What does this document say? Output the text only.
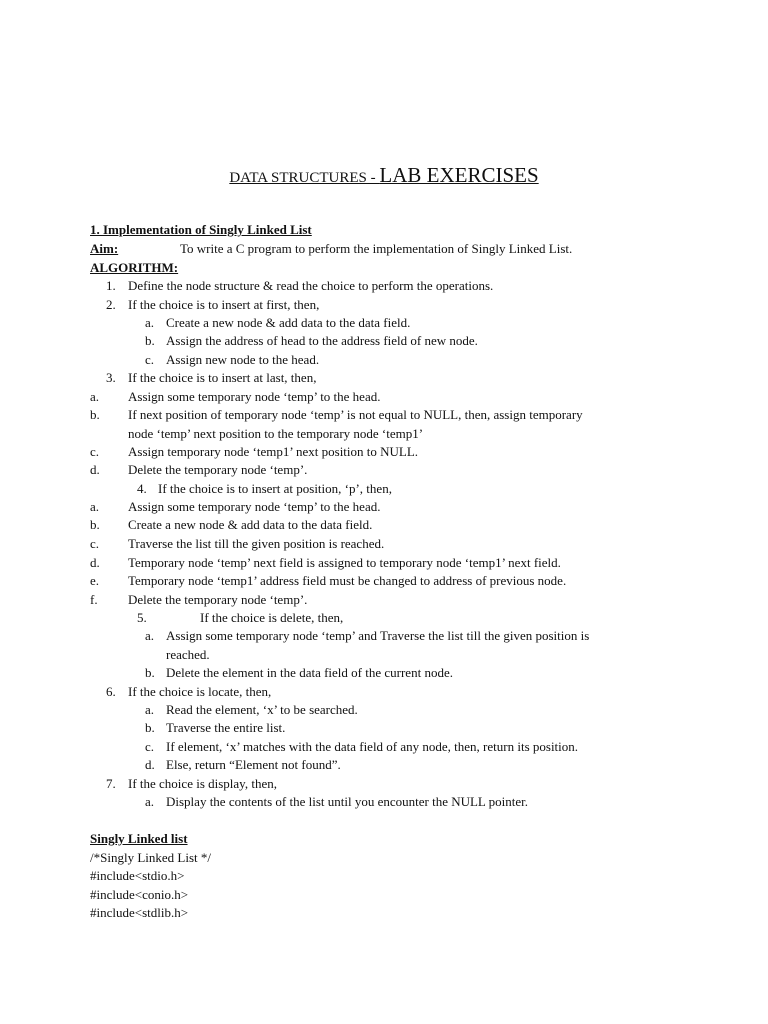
DATA STRUCTURES - LAB EXERCISES
1. Implementation of Singly Linked List
Aim:	To write a C program to perform the implementation of Singly Linked List.
ALGORITHM:
1. Define the node structure & read the choice to perform the operations.
2. If the choice is to insert at first, then,
a. Create a new node & add data to the data field.
b. Assign the address of head to the address field of new node.
c. Assign new node to the head.
3. If the choice is to insert at last, then,
a. Assign some temporary node ‘temp’ to the head.
b. If next position of temporary node ‘temp’ is not equal to NULL, then, assign temporary
node ‘temp’ next position to the temporary node ‘temp1’
c. Assign temporary node ‘temp1’ next position to NULL.
d. Delete the temporary node ‘temp’.
4. If the choice is to insert at position, ‘p’, then,
a. Assign some temporary node ‘temp’ to the head.
b. Create a new node & add data to the data field.
c. Traverse the list till the given position is reached.
d. Temporary node ‘temp’ next field is assigned to temporary node ‘temp1’ next field.
e. Temporary node ‘temp1’ address field must be changed to address of previous node.
f. Delete the temporary node ‘temp’.
5.	If the choice is delete, then,
a. Assign some temporary node ‘temp’ and Traverse the list till the given position is
reached.
b. Delete the element in the data field of the current node.
6. If the choice is locate, then,
a. Read the element, ‘x’ to be searched.
b. Traverse the entire list.
c. If element, ‘x’ matches with the data field of any node, then, return its position.
d. Else, return “Element not found”.
7. If the choice is display, then,
a. Display the contents of the list until you encounter the NULL pointer.
Singly Linked list
/*Singly Linked List */
#include<stdio.h>
#include<conio.h>
#include<stdlib.h>
